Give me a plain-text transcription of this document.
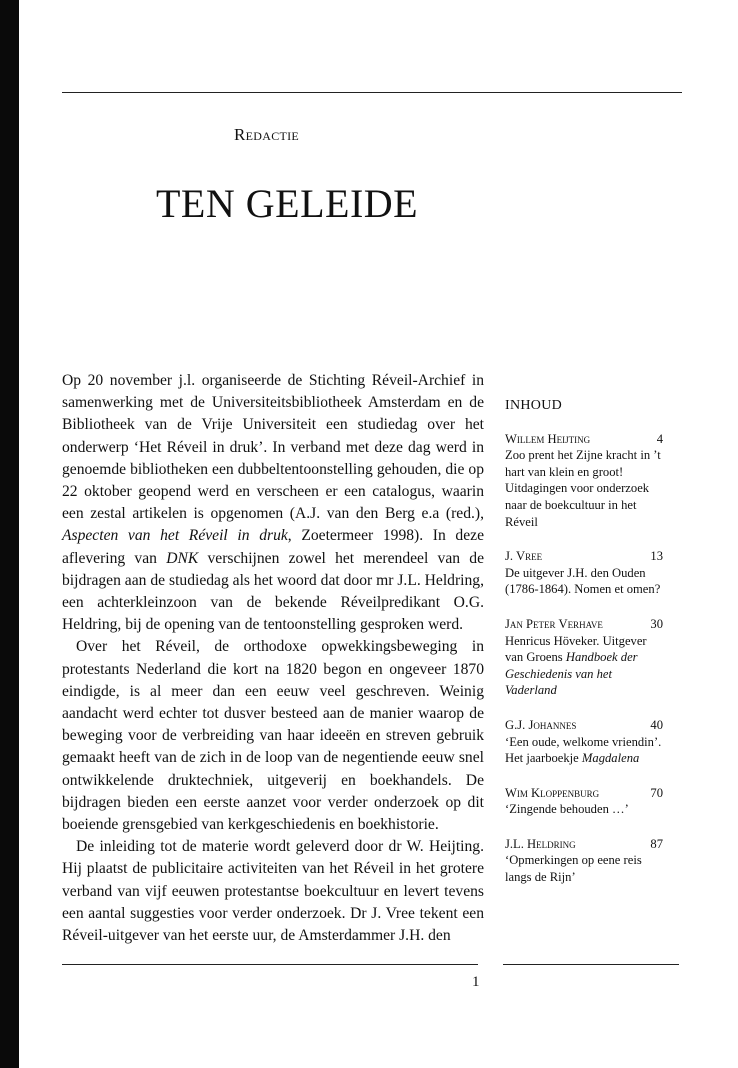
Redactie
TEN GELEIDE

Op 20 november j.l. organiseerde de Stichting Réveil-Archief in samenwerking met de Universiteitsbibliotheek Amsterdam en de Bibliotheek van de Vrije Universiteit een studiedag over het onderwerp ‘Het Réveil in druk’. In verband met deze dag werd in genoemde bibliotheken een dubbeltentoonstelling gehouden, die op 22 oktober geopend werd en verscheen er een catalogus, waarin een zestal artikelen is opgenomen (A.J. van den Berg e.a (red.), Aspecten van het Réveil in druk, Zoetermeer 1998). In deze aflevering van DNK verschijnen zowel het merendeel van de bijdragen aan de studiedag als het woord dat door mr J.L. Heldring, een achterkleinzoon van de bekende Réveilpredikant O.G. Heldring, bij de opening van de tentoonstelling gesproken werd.

Over het Réveil, de orthodoxe opwekkingsbeweging in protestants Nederland die kort na 1820 begon en ongeveer 1870 eindigde, is al meer dan een eeuw veel geschreven. Weinig aandacht werd echter tot dusver besteed aan de manier waarop de beweging voor de verbreiding van haar ideeën en streven gebruik gemaakt heeft van de zich in de loop van de negentiende eeuw snel ontwikkelende druktechniek, uitgeverij en boekhandels. De bijdragen bieden een eerste aanzet voor verder onderzoek op dit boeiende grensgebied van kerkgeschiedenis en boekhistorie.

De inleiding tot de materie wordt geleverd door dr W. Heijting. Hij plaatst de publicitaire activiteiten van het Réveil in het grotere verband van vijf eeuwen protestantse boekcultuur en levert tevens een aantal suggesties voor verder onderzoek. Dr J. Vree tekent een Réveil-uitgever van het eerste uur, de Amsterdammer J.H. den

INHOUD
Willem Heijting	4
Zoo prent het Zijne kracht in ’t hart van klein en groot! Uitdagingen voor onderzoek naar de boekcultuur in het Réveil
J. Vree	13
De uitgever J.H. den Ouden (1786-1864). Nomen et omen?
Jan Peter Verhave	30
Henricus Höveker. Uitgever van Groens Handboek der Geschiedenis van het Vaderland
G.J. Johannes	40
‘Een oude, welkome vriendin’. Het jaarboekje Magdalena
Wim Kloppenburg	70
‘Zingende behouden …’
J.L. Heldring	87
‘Opmerkingen op eene reis langs de Rijn’
1
